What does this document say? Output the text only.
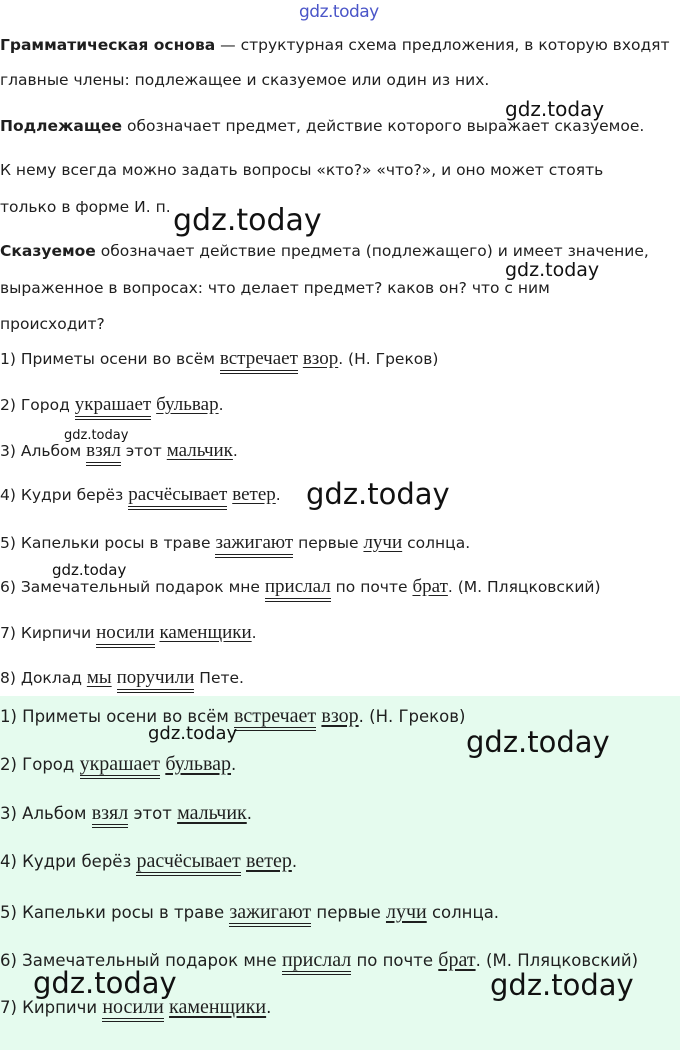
gdz.today
Грамматическая основа — структурная схема предложения, в которую входят
главные члены: подлежащее и сказуемое или один из них.
Подлежащее обозначает предмет, действие которого выражает сказуемое.
К нему всегда можно задать вопросы «кто?» «что?», и оно может стоять
только в форме И. п.
Сказуемое обозначает действие предмета (подлежащего) и имеет значение,
выраженное в вопросах: что делает предмет? каков он? что с ним
происходит?
1) Приметы осени во всём встречает взор. (Н. Греков)
2) Город украшает бульвар.
3) Альбом взял этот мальчик.
4) Кудри берёз расчёсывает ветер.
5) Капельки росы в траве зажигают первые лучи солнца.
6) Замечательный подарок мне прислал по почте брат. (М. Пляцковский)
7) Кирпичи носили каменщики.
8) Доклад мы поручили Пете.
1) Приметы осени во всём встречает взор. (Н. Греков)
2) Город украшает бульвар.
3) Альбом взял этот мальчик.
4) Кудри берёз расчёсывает ветер.
5) Капельки росы в траве зажигают первые лучи солнца.
6) Замечательный подарок мне прислал по почте брат. (М. Пляцковский)
7) Кирпичи носили каменщики.
gdz.today
gdz.today
gdz.today
gdz.today
gdz.today
gdz.today
gdz.today	gdz.today
gdz.today	gdz.today
